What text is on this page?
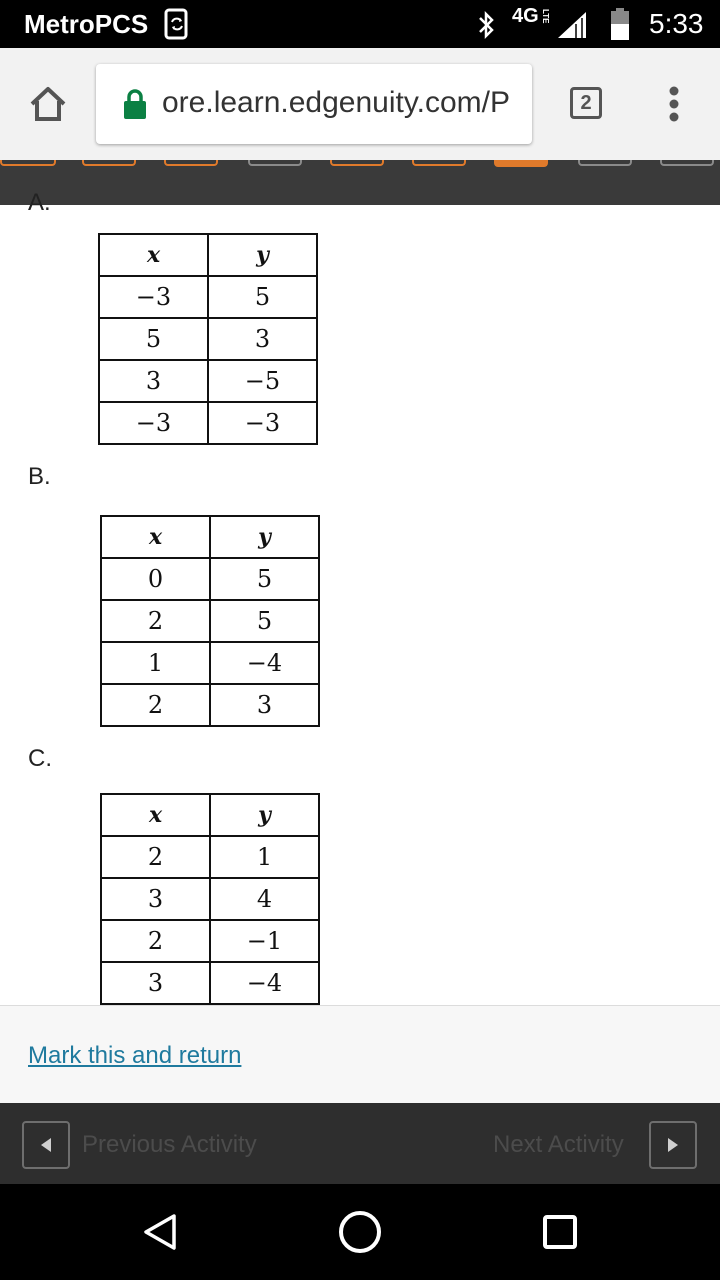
MetroPCS	4G LTE	5:33
ore.learn.edgenuity.com/P	2
A.
x	y
−3	5
5	3
3	−5
−3	−3
B.
x	y
0	5
2	5
1	−4
2	3
C.
x	y
2	1
3	4
2	−1
3	−4
Mark this and return
Previous Activity	Next Activity
